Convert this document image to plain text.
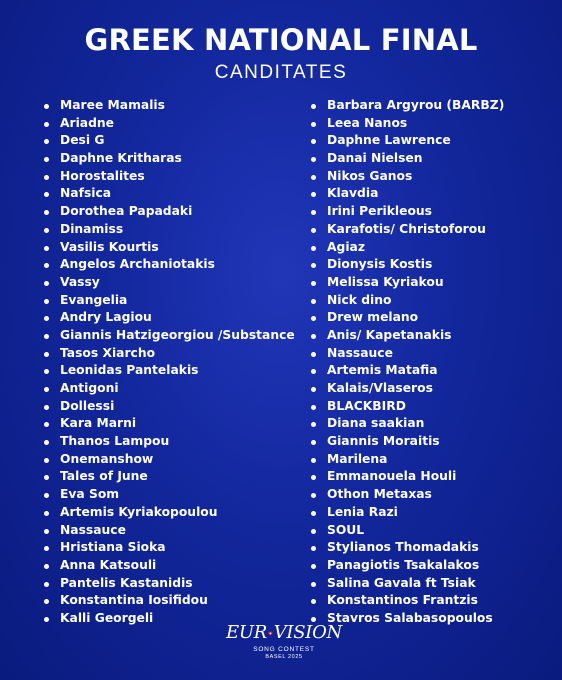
GREEK NATIONAL FINAL
CANDITATES
Maree Mamalis
Ariadne
Desi G
Daphne Kritharas
Horostalites
Nafsica
Dorothea Papadaki
Dinamiss
Vasilis Kourtis
Angelos Archaniotakis
Vassy
Evangelia
Andry Lagiou
Giannis Hatzigeorgiou /Substance
Tasos Xiarcho
Leonidas Pantelakis
Antigoni
Dollessi
Kara Marni
Thanos Lampou
Onemanshow
Tales of June
Eva Som
Artemis Kyriakopoulou
Nassauce
Hristiana Sioka
Anna Katsouli
Pantelis Kastanidis
Konstantina Iosifidou
Kalli Georgeli
Barbara Argyrou (BARBZ)
Leea Nanos
Daphne Lawrence
Danai Nielsen
Nikos Ganos
Klavdia
Irini Perikleous
Karafotis/ Christoforou
Agiaz
Dionysis Kostis
Melissa Kyriakou
Nick dino
Drew melano
Anis/ Kapetanakis
Nassauce
Artemis Matafia
Kalais/Vlaseros
BLACKBIRD
Diana saakian
Giannis Moraitis
Marilena
Emmanouela Houli
Othon Metaxas
Lenia Razi
SOUL
Stylianos Thomadakis
Panagiotis Tsakalakos
Salina Gavala ft Tsiak
Konstantinos Frantzis
Stavros Salabasopoulos
EUR VISION
SONG CONTEST
BASEL 2025
